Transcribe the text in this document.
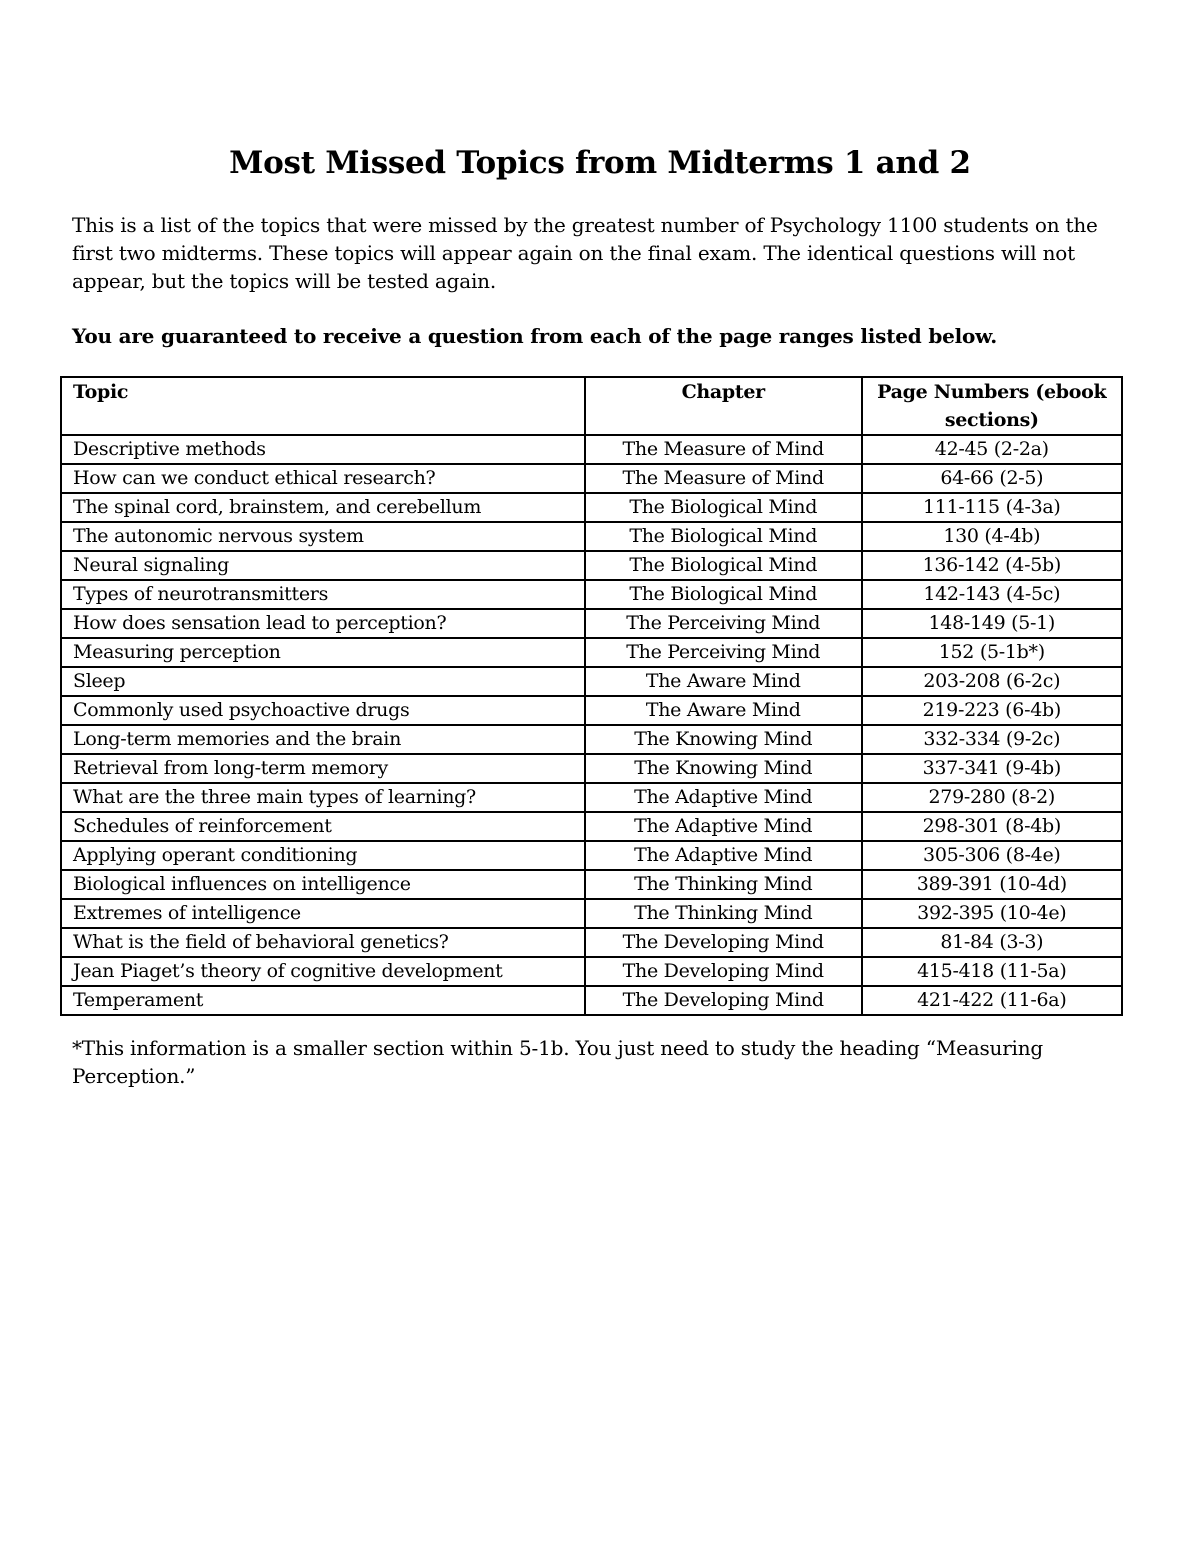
Most Missed Topics from Midterms 1 and 2
This is a list of the topics that were missed by the greatest number of Psychology 1100 students on the first two midterms. These topics will appear again on the final exam. The identical questions will not appear, but the topics will be tested again.
You are guaranteed to receive a question from each of the page ranges listed below.
Topic	Chapter	Page Numbers (ebook sections)
Descriptive methods	The Measure of Mind	42-45 (2-2a)
How can we conduct ethical research?	The Measure of Mind	64-66 (2-5)
The spinal cord, brainstem, and cerebellum	The Biological Mind	111-115 (4-3a)
The autonomic nervous system	The Biological Mind	130 (4-4b)
Neural signaling	The Biological Mind	136-142 (4-5b)
Types of neurotransmitters	The Biological Mind	142-143 (4-5c)
How does sensation lead to perception?	The Perceiving Mind	148-149 (5-1)
Measuring perception	The Perceiving Mind	152 (5-1b*)
Sleep	The Aware Mind	203-208 (6-2c)
Commonly used psychoactive drugs	The Aware Mind	219-223 (6-4b)
Long-term memories and the brain	The Knowing Mind	332-334 (9-2c)
Retrieval from long-term memory	The Knowing Mind	337-341 (9-4b)
What are the three main types of learning?	The Adaptive Mind	279-280 (8-2)
Schedules of reinforcement	The Adaptive Mind	298-301 (8-4b)
Applying operant conditioning	The Adaptive Mind	305-306 (8-4e)
Biological influences on intelligence	The Thinking Mind	389-391 (10-4d)
Extremes of intelligence	The Thinking Mind	392-395 (10-4e)
What is the field of behavioral genetics?	The Developing Mind	81-84 (3-3)
Jean Piaget’s theory of cognitive development	The Developing Mind	415-418 (11-5a)
Temperament	The Developing Mind	421-422 (11-6a)
*This information is a smaller section within 5-1b. You just need to study the heading “Measuring Perception.”
